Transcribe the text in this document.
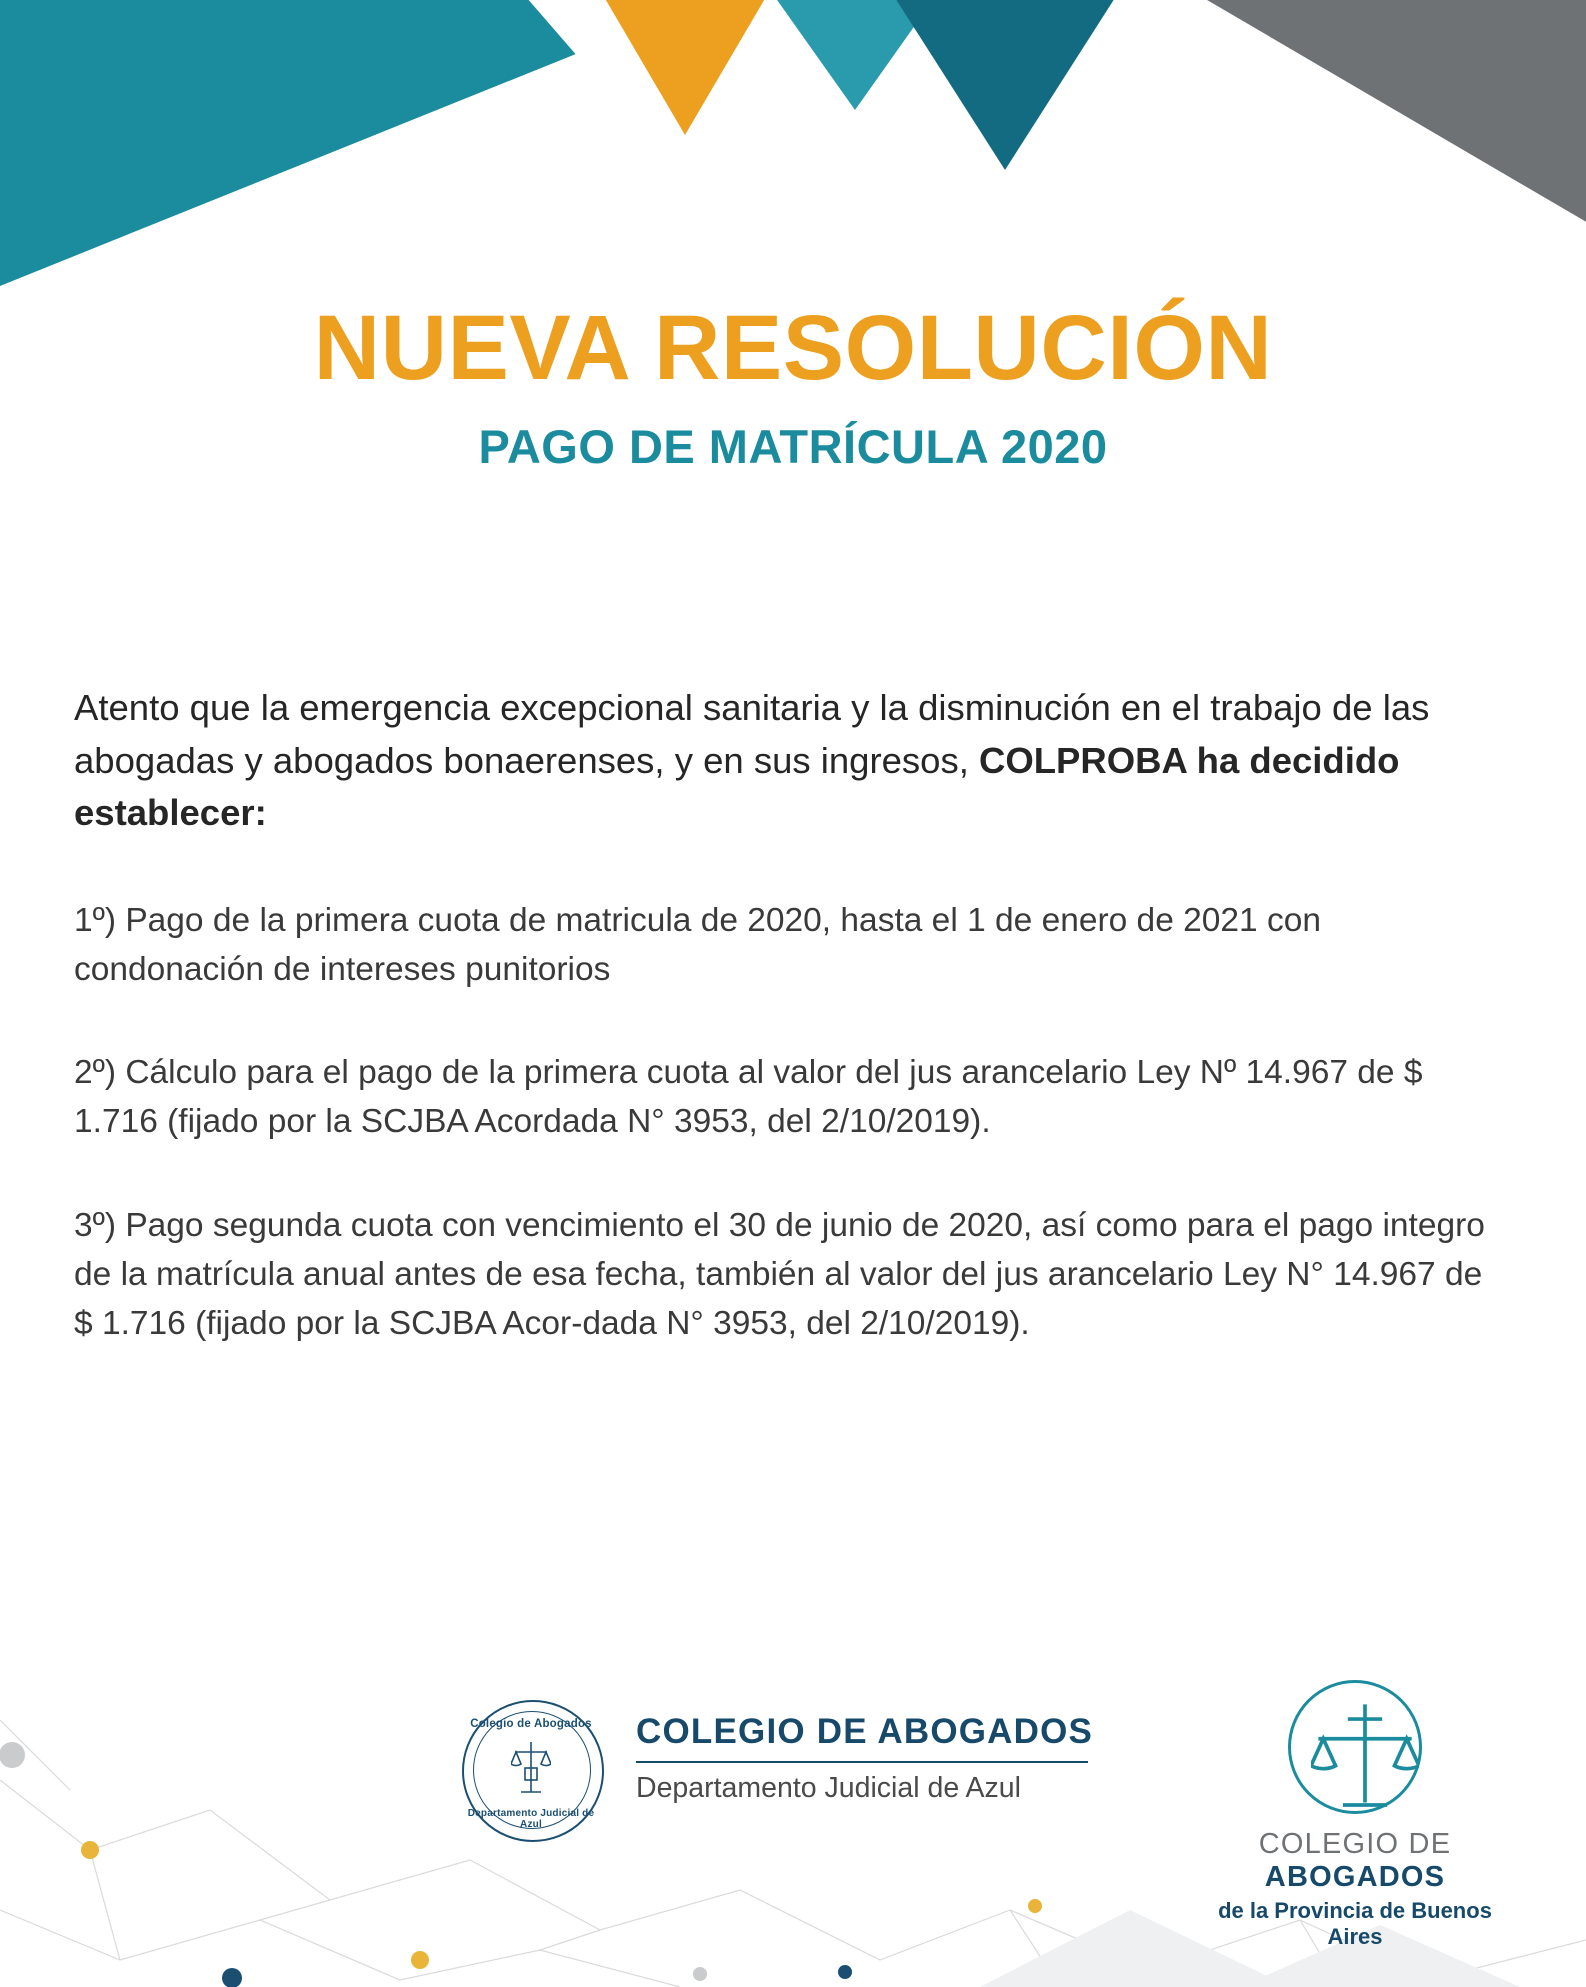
NUEVA RESOLUCIÓN
PAGO DE MATRÍCULA 2020

Atento que la emergencia excepcional sanitaria y la disminución en el trabajo de las abogadas y abogados bonaerenses, y en sus ingresos, COLPROBA ha decidido establecer:

1º) Pago de la primera cuota de matricula de 2020, hasta el 1 de enero de 2021 con condonación de intereses punitorios

2º) Cálculo para el pago de la primera cuota al valor del jus arancelario Ley Nº 14.967 de $ 1.716 (fijado por la SCJBA Acordada N° 3953, del 2/10/2019).

3º) Pago segunda cuota con vencimiento el 30 de junio de 2020, así como para el pago integro de la matrícula anual antes de esa fecha, también al valor del jus arancelario Ley N° 14.967 de $ 1.716 (fijado por la SCJBA Acor-dada N° 3953, del 2/10/2019).

Colegio de Abogados
Departamento Judicial de Azul
COLEGIO DE ABOGADOS
Departamento Judicial de Azul
COLEGIO DE ABOGADOS
de la Provincia de Buenos Aires
